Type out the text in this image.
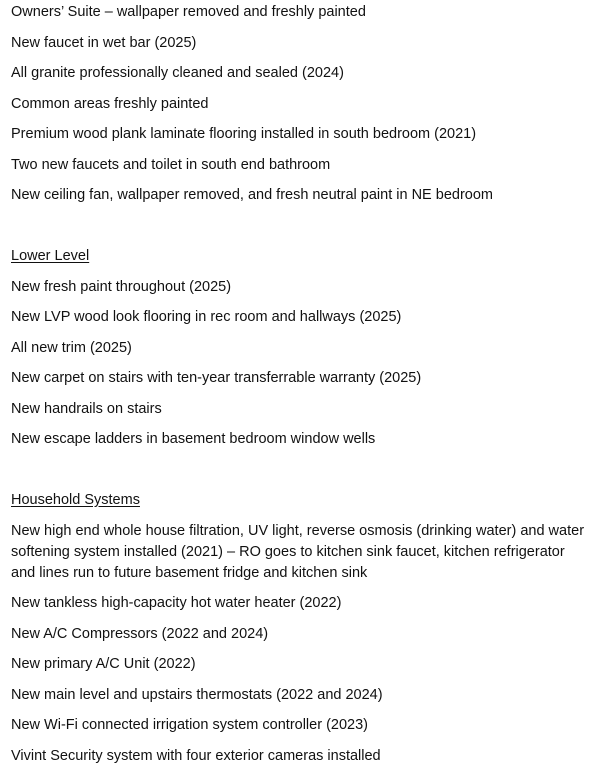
Owners’ Suite – wallpaper removed and freshly painted

New faucet in wet bar (2025)

All granite professionally cleaned and sealed (2024)

Common areas freshly painted

Premium wood plank laminate flooring installed in south bedroom (2021)

Two new faucets and toilet in south end bathroom

New ceiling fan, wallpaper removed, and fresh neutral paint in NE bedroom

Lower Level

New fresh paint throughout (2025)

New LVP wood look flooring in rec room and hallways (2025)

All new trim (2025)

New carpet on stairs with ten-year transferrable warranty (2025)

New handrails on stairs

New escape ladders in basement bedroom window wells

Household Systems

New high end whole house filtration, UV light, reverse osmosis (drinking water) and water softening system installed (2021) – RO goes to kitchen sink faucet, kitchen refrigerator and lines run to future basement fridge and kitchen sink

New tankless high-capacity hot water heater (2022)

New A/C Compressors (2022 and 2024)

New primary A/C Unit (2022)

New main level and upstairs thermostats (2022 and 2024)

New Wi-Fi connected irrigation system controller (2023)

Vivint Security system with four exterior cameras installed
